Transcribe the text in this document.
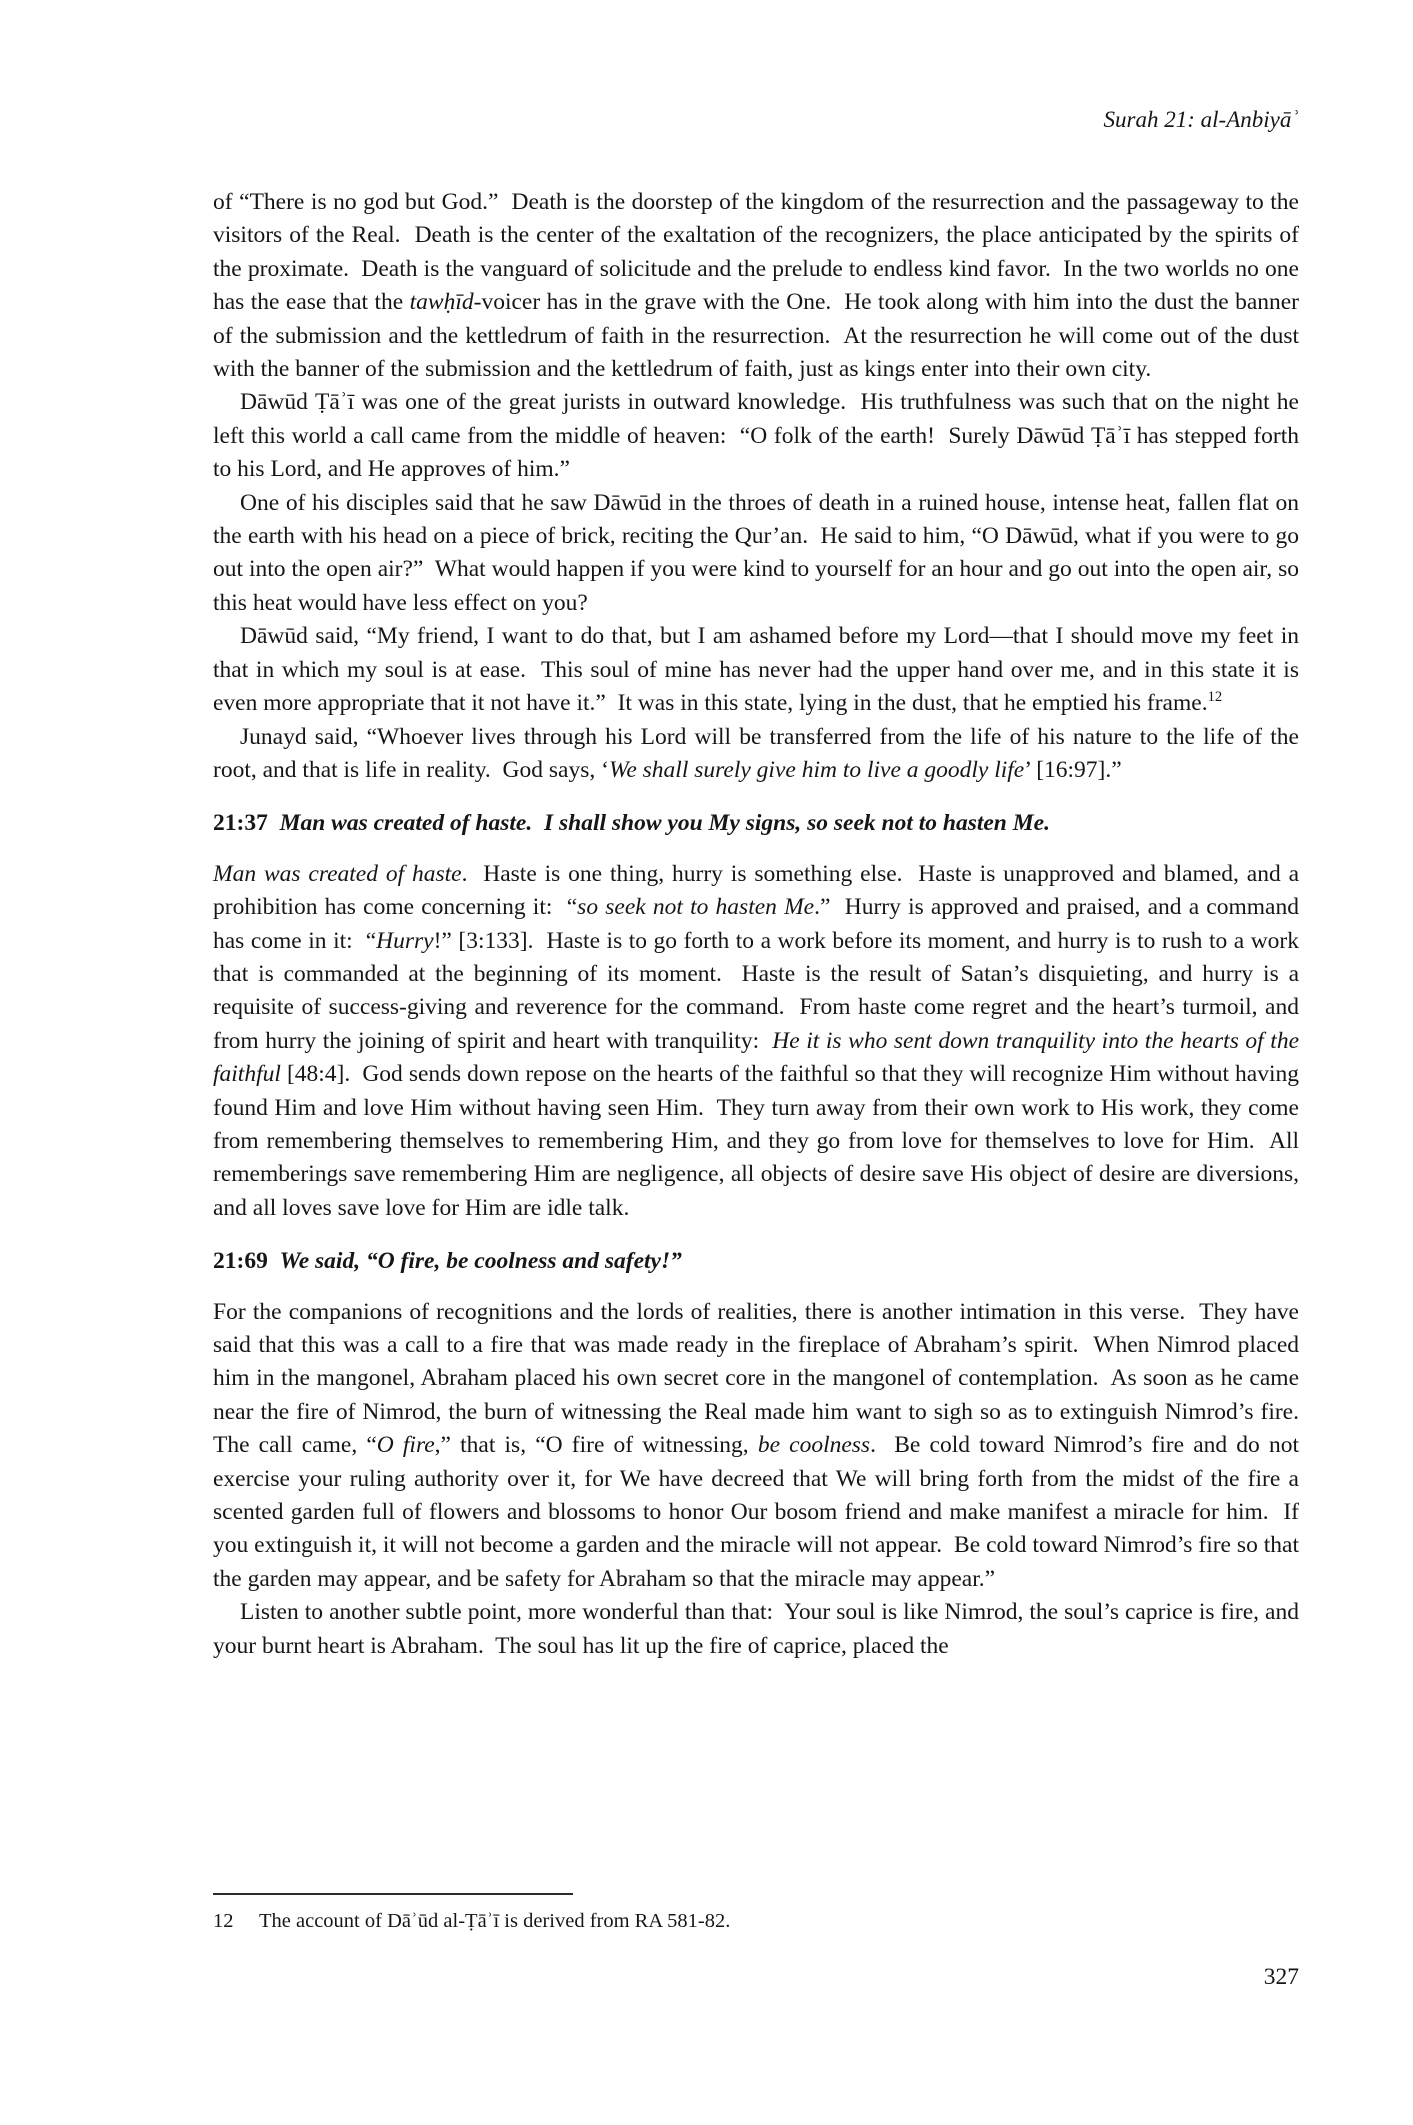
Surah 21: al-Anbiyāʾ

of “There is no god but God.”  Death is the doorstep of the kingdom of the resurrection and the passageway to the visitors of the Real.  Death is the center of the exaltation of the recognizers, the place anticipated by the spirits of the proximate.  Death is the vanguard of solicitude and the prelude to endless kind favor.  In the two worlds no one has the ease that the tawḥīd-voicer has in the grave with the One.  He took along with him into the dust the banner of the submission and the kettledrum of faith in the resurrection.  At the resurrection he will come out of the dust with the banner of the submission and the kettledrum of faith, just as kings enter into their own city.

Dāwūd Ṭāʾī was one of the great jurists in outward knowledge.  His truthfulness was such that on the night he left this world a call came from the middle of heaven:  “O folk of the earth!  Surely Dāwūd Ṭāʾī has stepped forth to his Lord, and He approves of him.”

One of his disciples said that he saw Dāwūd in the throes of death in a ruined house, intense heat, fallen flat on the earth with his head on a piece of brick, reciting the Qur’an.  He said to him, “O Dāwūd, what if you were to go out into the open air?”  What would happen if you were kind to yourself for an hour and go out into the open air, so this heat would have less effect on you?

Dāwūd said, “My friend, I want to do that, but I am ashamed before my Lord—that I should move my feet in that in which my soul is at ease.  This soul of mine has never had the upper hand over me, and in this state it is even more appropriate that it not have it.”  It was in this state, lying in the dust, that he emptied his frame.$^{12}$

Junayd said, “Whoever lives through his Lord will be transferred from the life of his nature to the life of the root, and that is life in reality.  God says, ‘We shall surely give him to live a goodly life’ [16:97].”

21:37  Man was created of haste.  I shall show you My signs, so seek not to hasten Me.

Man was created of haste.  Haste is one thing, hurry is something else.  Haste is unapproved and blamed, and a prohibition has come concerning it:  “so seek not to hasten Me.”  Hurry is approved and praised, and a command has come in it:  “Hurry!” [3:133].  Haste is to go forth to a work before its moment, and hurry is to rush to a work that is commanded at the beginning of its moment.  Haste is the result of Satan’s disquieting, and hurry is a requisite of success-giving and reverence for the command.  From haste come regret and the heart’s turmoil, and from hurry the joining of spirit and heart with tranquility:  He it is who sent down tranquility into the hearts of the faithful [48:4].  God sends down repose on the hearts of the faithful so that they will recognize Him without having found Him and love Him without having seen Him.  They turn away from their own work to His work, they come from remembering themselves to remembering Him, and they go from love for themselves to love for Him.  All rememberings save remembering Him are negligence, all objects of desire save His object of desire are diversions, and all loves save love for Him are idle talk.

21:69  We said, “O fire, be coolness and safety!”

For the companions of recognitions and the lords of realities, there is another intimation in this verse.  They have said that this was a call to a fire that was made ready in the fireplace of Abraham’s spirit.  When Nimrod placed him in the mangonel, Abraham placed his own secret core in the mangonel of contemplation.  As soon as he came near the fire of Nimrod, the burn of witnessing the Real made him want to sigh so as to extinguish Nimrod’s fire.  The call came, “O fire,” that is, “O fire of witnessing, be coolness.  Be cold toward Nimrod’s fire and do not exercise your ruling authority over it, for We have decreed that We will bring forth from the midst of the fire a scented garden full of flowers and blossoms to honor Our bosom friend and make manifest a miracle for him.  If you extinguish it, it will not become a garden and the miracle will not appear.  Be cold toward Nimrod’s fire so that the garden may appear, and be safety for Abraham so that the miracle may appear.”

Listen to another subtle point, more wonderful than that:  Your soul is like Nimrod, the soul’s caprice is fire, and your burnt heart is Abraham.  The soul has lit up the fire of caprice, placed the

12 The account of Dāʾūd al-Ṭāʾī is derived from RA 581-82.
327
